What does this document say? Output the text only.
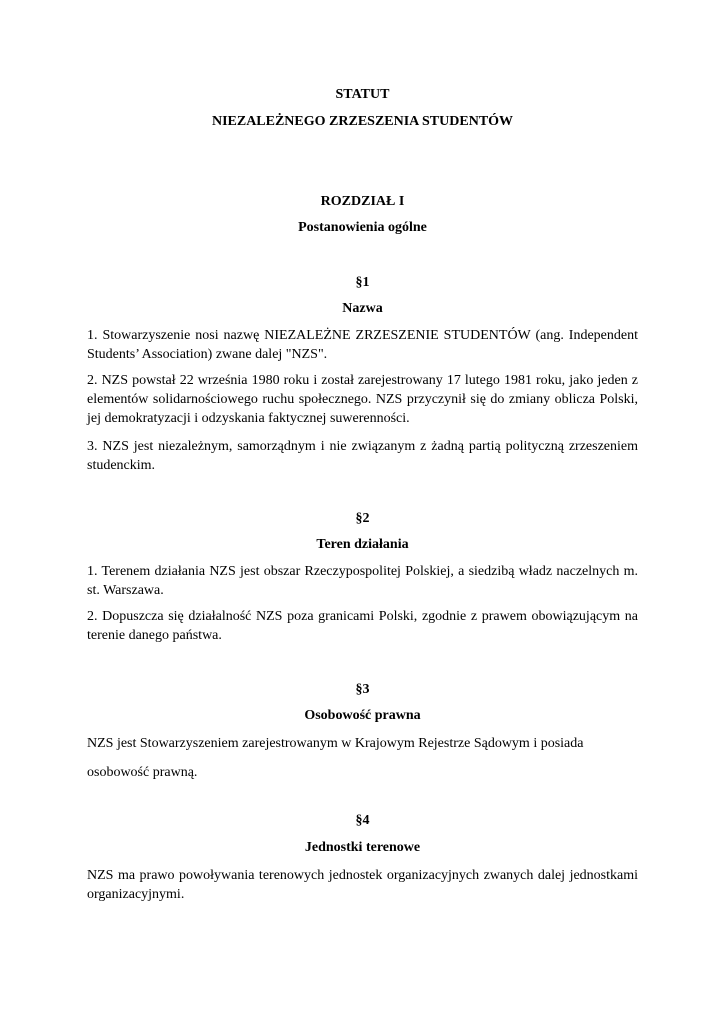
STATUT

NIEZALEŻNEGO ZRZESZENIA STUDENTÓW

ROZDZIAŁ I

Postanowienia ogólne

§1

Nazwa

1. Stowarzyszenie nosi nazwę NIEZALEŻNE ZRZESZENIE STUDENTÓW (ang. Independent Students’ Association) zwane dalej "NZS".

2. NZS powstał 22 września 1980 roku i został zarejestrowany 17 lutego 1981 roku, jako jeden z elementów solidarnościowego ruchu społecznego. NZS przyczynił się do zmiany oblicza Polski, jej demokratyzacji i odzyskania faktycznej suwerenności.

3. NZS jest niezależnym, samorządnym i nie związanym z żadną partią polityczną zrzeszeniem studenckim.

§2

Teren działania

1. Terenem działania NZS jest obszar Rzeczypospolitej Polskiej, a siedzibą władz naczelnych m. st. Warszawa.

2. Dopuszcza się działalność NZS poza granicami Polski, zgodnie z prawem obowiązującym na terenie danego państwa.

§3

Osobowość prawna

NZS jest Stowarzyszeniem zarejestrowanym w Krajowym Rejestrze Sądowym i posiada

osobowość prawną.

§4

Jednostki terenowe

NZS ma prawo powoływania terenowych jednostek organizacyjnych zwanych dalej jednostkami organizacyjnymi.
